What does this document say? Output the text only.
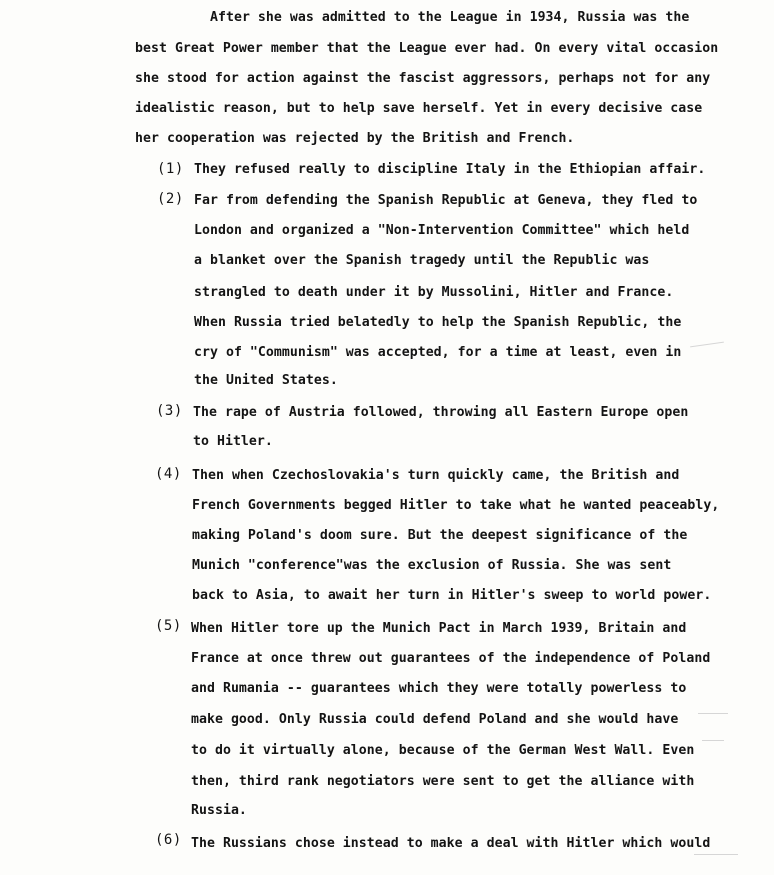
After she was admitted to the League in 1934, Russia was the
best Great Power member that the League ever had. On every vital occasion
she stood for action against the fascist aggressors, perhaps not for any
idealistic reason, but to help save herself. Yet in every decisive case
her cooperation was rejected by the British and French.
(1) They refused really to discipline Italy in the Ethiopian affair.
(2) Far from defending the Spanish Republic at Geneva, they fled to
London and organized a "Non-Intervention Committee" which held
a blanket over the Spanish tragedy until the Republic was
strangled to death under it by Mussolini, Hitler and France.
When Russia tried belatedly to help the Spanish Republic, the
cry of "Communism" was accepted, for a time at least, even in
the United States.
(3) The rape of Austria followed, throwing all Eastern Europe open
to Hitler.
(4) Then when Czechoslovakia's turn quickly came, the British and
French Governments begged Hitler to take what he wanted peaceably,
making Poland's doom sure. But the deepest significance of the
Munich "conference"was the exclusion of Russia. She was sent
back to Asia, to await her turn in Hitler's sweep to world power.
(5) When Hitler tore up the Munich Pact in March 1939, Britain and
France at once threw out guarantees of the independence of Poland
and Rumania -- guarantees which they were totally powerless to
make good. Only Russia could defend Poland and she would have
to do it virtually alone, because of the German West Wall. Even
then, third rank negotiators were sent to get the alliance with
Russia.
(6) The Russians chose instead to make a deal with Hitler which would
